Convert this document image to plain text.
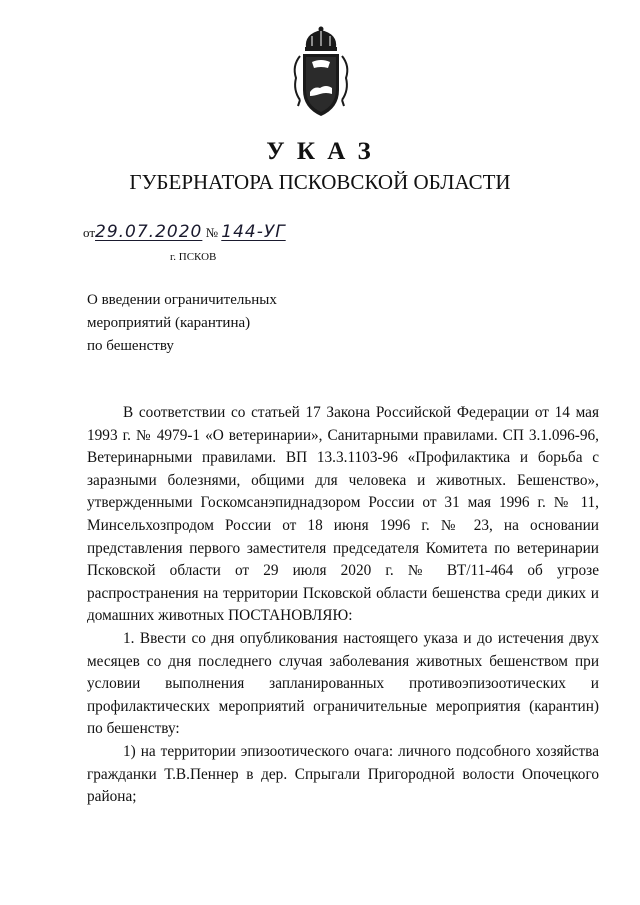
У К А З
ГУБЕРНАТОРА ПСКОВСКОЙ ОБЛАСТИ
от29.07.2020 № 144-УГ
г. ПСКОВ
О введении ограничительных
мероприятий (карантина)
по бешенству

В соответствии со статьей 17 Закона Российской Федерации от 14 мая 1993 г. № 4979-1 «О ветеринарии», Санитарными правилами. СП 3.1.096-96, Ветеринарными правилами. ВП 13.3.1103-96 «Профилактика и борьба с заразными болезнями, общими для человека и животных. Бешенство», утвержденными Госкомсанэпиднадзором России от 31 мая 1996 г. № 11, Минсельхозпродом России от 18 июня 1996 г. № 23, на основании представления первого заместителя председателя Комитета по ветеринарии Псковской области от 29 июля 2020 г. № ВТ/11-464 об угрозе распространения на территории Псковской области бешенства среди диких и домашних животных ПОСТАНОВЛЯЮ:

1. Ввести со дня опубликования настоящего указа и до истечения двух месяцев со дня последнего случая заболевания животных бешенством при условии выполнения запланированных противоэпизоотических и профилактических мероприятий ограничительные мероприятия (карантин) по бешенству:

1) на территории эпизоотического очага: личного подсобного хозяйства гражданки Т.В.Пеннер в дер. Спрыгали Пригородной волости Опочецкого района;
